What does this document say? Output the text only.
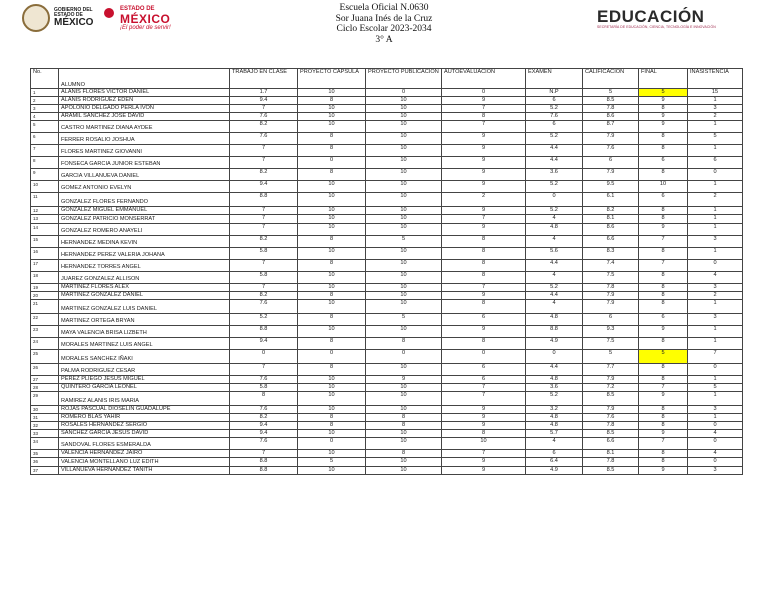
GOBIERNO DEL
ESTADO DE
MÉXICO
ESTADO DE
MÉXICO
¡El poder de servir!
Escuela Oficial N.0630
Sor Juana Inés de la Cruz
Ciclo Escolar 2023-2034
3° A
EDUCACIÓN
SECRETARÍA DE EDUCACIÓN, CIENCIA, TECNOLOGÍA E INNOVACIÓN
No.	ALUMNO	TRABAJO EN CLASE	PROYECTO CAPSULA	PROYECTO PUBLICACIÓN	AUTOEVALUACIÓN	EXAMEN	CALIFICACIÓN	FINAL	INASISTENCIA
1	ALANIS FLORES VICTOR DANIEL	1.7	10	0	0	N.P	5	5	15
2	ALANIS RODRIGUEZ EDEN	9.4	8	10	9	6	8.5	9	1
3	APOLONIO DELGADO PERLA IVON	7	10	10	7	5.2	7.8	8	3
4	ARAMIL SANCHEZ JOSE DAVID	7.6	10	10	8	7.6	8.6	9	2
5	CASTRO MARTINEZ DIANA AYDEE	8.2	10	10	7	6	8.7	9	1
6	FERRER ROSALIO JOSHUA	7.6	8	10	9	5.2	7.9	8	5
7	FLORES MARTINEZ GIOVANNI	7	8	10	9	4.4	7.6	8	1
8	FONSECA GARCIA JUNIOR ESTEBAN	7	0	10	9	4.4	6	6	6
9	GARCIA VILLANUEVA DANIEL	8.2	8	10	9	3.6	7.9	8	0
10	GOMEZ ANTONIO EVELYN	9.4	10	10	9	5.2	9.5	10	1
11	GONZALEZ FLORES FERNANDO	8.8	10	10	2	0	6.1	6	2
12	GONZALEZ MIGUEL EMMANUEL	7	10	10	9	5.2	8.2	8	1
13	GONZALEZ PATRICIO MONSERRAT	7	10	10	7	4	8.1	8	1
14	GONZALEZ ROMERO ANAYELI	7	10	10	9	4.8	8.6	9	1
15	HERNANDEZ MEDINA KEVIN	8.2	8	5	8	4	6.6	7	3
16	HERNANDEZ PEREZ VALERIA JOHANA	5.8	10	10	8	5.6	8.3	8	1
17	HERNANDEZ TORRES ANGEL	7	8	10	8	4.4	7.4	7	0
18	JUAREZ GONZALEZ ALLISON	5.8	10	10	8	4	7.5	8	4
19	MARTINEZ FLORES ALEX	7	10	10	7	5.2	7.8	8	3
20	MARTINEZ GONZALEZ DANIEL	8.2	8	10	9	4.4	7.9	8	2
21	MARTINEZ GONZALEZ LUIS DANIEL	7.6	10	10	8	4	7.9	8	1
22	MARTINEZ ORTEGA BRYAN	5.2	8	5	6	4.8	6	6	3
23	MAYA VALENCIA BRISA LIZBETH	8.8	10	10	9	8.8	9.3	9	1
24	MORALES MARTINEZ LUIS ANGEL	9.4	8	8	8	4.9	7.5	8	1
25	MORALES SANCHEZ IÑAKI	0	0	0	0	0	5	5	7
26	PALMA RODRIGUEZ CESAR	7	8	10	6	4.4	7.7	8	0
27	PEREZ PLIEGO JESUS MIGUEL	7.6	10	9	6	4.8	7.9	8	1
28	QUINTERO GARCIA LEONEL	5.8	10	10	7	3.6	7.2	7	5
29	RAMIREZ ALANIS IRIS MARIA	8	10	10	7	5.2	8.5	9	1
30	ROJAS PASCUAL DIOSELIN GUADALUPE	7.6	10	10	9	3.2	7.9	8	3
31	ROMERO BLAS YAHIR	8.2	8	8	9	4.8	7.6	8	1
32	ROSALES HERNANDEZ SERGIO	9.4	8	8	9	4.8	7.8	8	0
33	SANCHEZ GARCIA JESUS DAVID	9.4	10	10	8	5.7	8.5	9	4
34	SANDOVAL FLORES ESMERALDA	7.6	0	10	10	4	6.6	7	0
35	VALENCIA HERNANDEZ JAIRO	7	10	8	7	6	8.1	8	4
36	VALENCIA MONTELLANO LUZ EDITH	8.8	5	10	9	6.4	7.8	8	0
37	VILLANUEVA HERNANDEZ TANITH	8.8	10	10	9	4.9	8.5	9	3
